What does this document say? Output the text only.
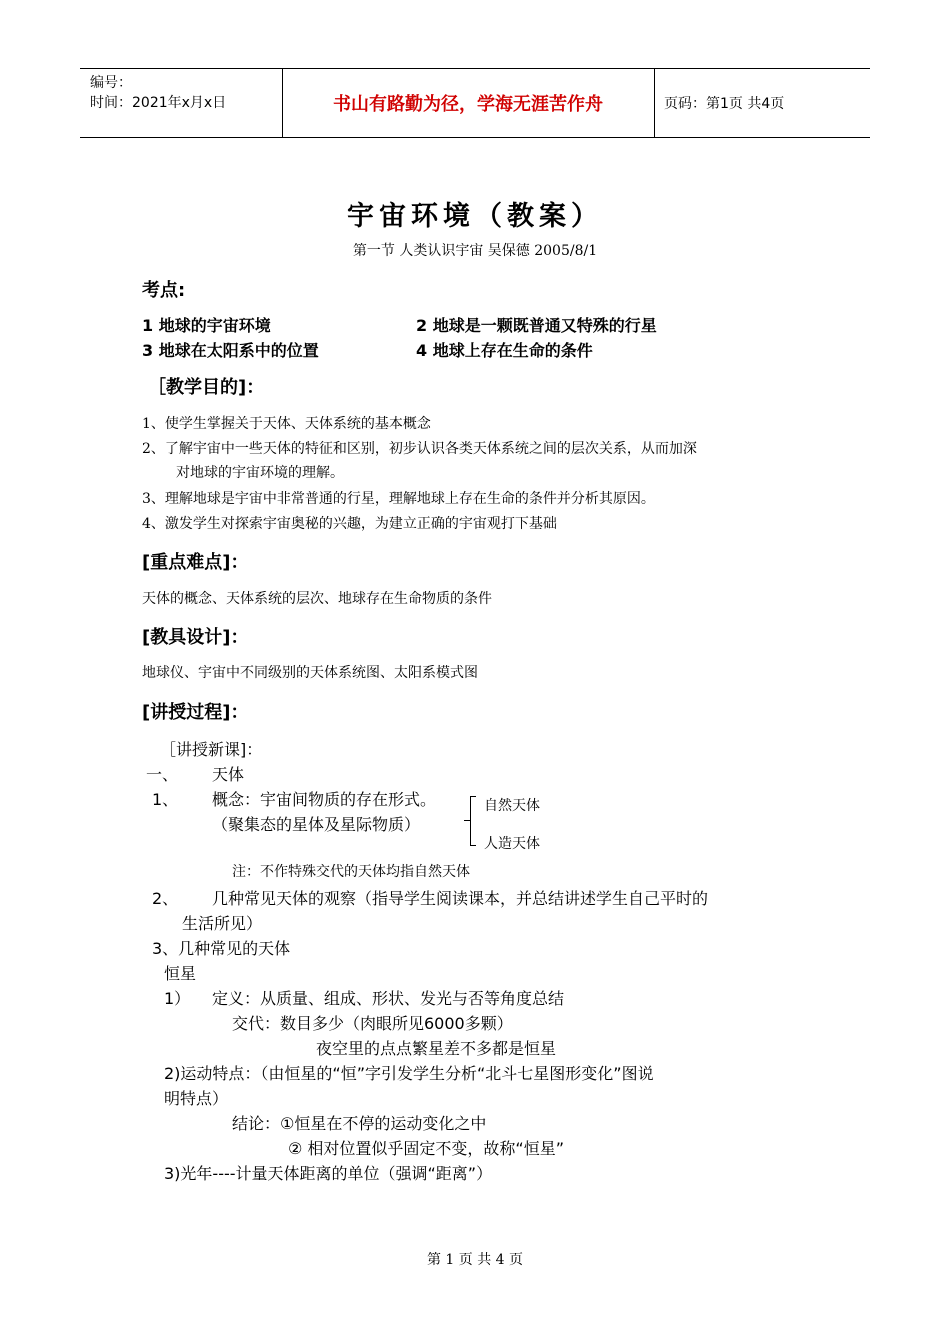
编号：
时间：2021年x月x日	书山有路勤为径，学海无涯苦作舟	页码：第1页 共4页
宇宙环境（教案）
第一节 人类认识宇宙 吴保德 2005/8/1
考点:
1 地球的宇宙环境	2 地球是一颗既普通又特殊的行星
3 地球在太阳系中的位置	4 地球上存在生命的条件
［教学目的]：
1、使学生掌握关于天体、天体系统的基本概念
2、了解宇宙中一些天体的特征和区别，初步认识各类天体系统之间的层次关系，从而加深
对地球的宇宙环境的理解。
3、理解地球是宇宙中非常普通的行星，理解地球上存在生命的条件并分析其原因。
4、激发学生对探索宇宙奥秘的兴趣，为建立正确的宇宙观打下基础
[重点难点]：
天体的概念、天体系统的层次、地球存在生命物质的条件
[教具设计]：
地球仪、宇宙中不同级别的天体系统图、太阳系模式图
[讲授过程]：
［讲授新课]：
一、 天体
1、 概念：宇宙间物质的存在形式。
（聚集态的星体及星际物质）
自然天体
人造天体
注：不作特殊交代的天体均指自然天体
2、 几种常见天体的观察（指导学生阅读课本，并总结讲述学生自己平时的
生活所见）
3、几种常见的天体
恒星
1） 定义：从质量、组成、形状、发光与否等角度总结
交代：数目多少（肉眼所见6000多颗）
夜空里的点点繁星差不多都是恒星
2)运动特点：（由恒星的“恒”字引发学生分析“北斗七星图形变化”图说
明特点）
结论：①恒星在不停的运动变化之中
② 相对位置似乎固定不变，故称“恒星”
3)光年----计量天体距离的单位（强调“距离”）
第 1 页 共 4 页
